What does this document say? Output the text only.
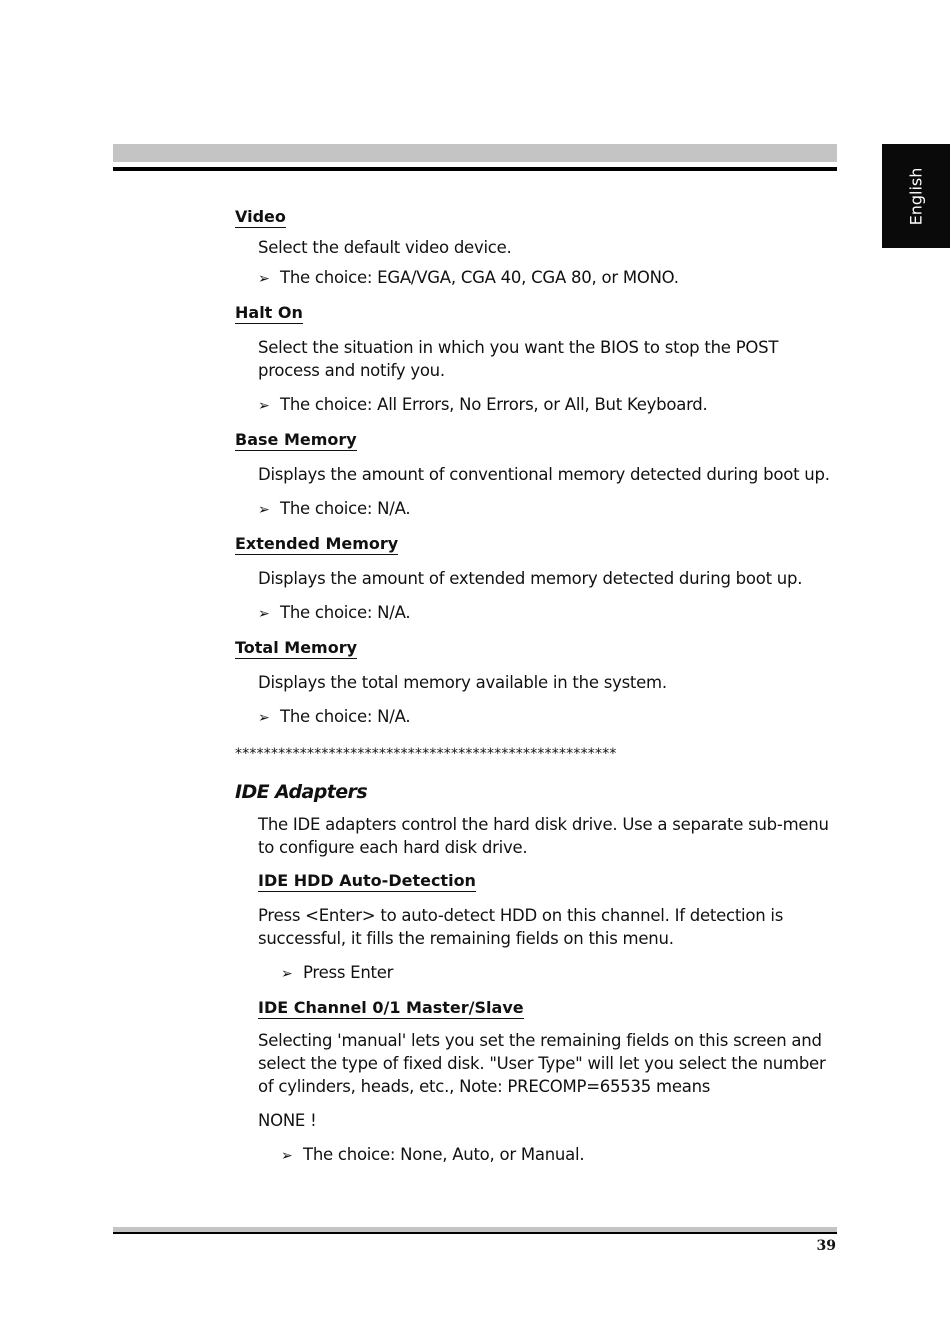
English
Video

Select the default video device.

➢ The choice: EGA/VGA, CGA 40, CGA 80, or MONO.

Halt On

Select the situation in which you want the BIOS to stop the POST process and notify you.

➢ The choice: All Errors, No Errors, or All, But Keyboard.

Base Memory

Displays the amount of conventional memory detected during boot up.

➢ The choice: N/A.

Extended Memory

Displays the amount of extended memory detected during boot up.

➢ The choice: N/A.

Total Memory

Displays the total memory available in the system.

➢ The choice: N/A.

*****************************************************

IDE Adapters

The IDE adapters control the hard disk drive. Use a separate sub-menu to configure each hard disk drive.

IDE HDD Auto-Detection

Press <Enter> to auto-detect HDD on this channel. If detection is successful, it fills the remaining fields on this menu.

➢ Press Enter

IDE Channel 0/1 Master/Slave

Selecting 'manual' lets you set the remaining fields on this screen and select the type of fixed disk. "User Type" will let you select the number of cylinders, heads, etc., Note: PRECOMP=65535 means

NONE !

➢ The choice: None, Auto, or Manual.

39
